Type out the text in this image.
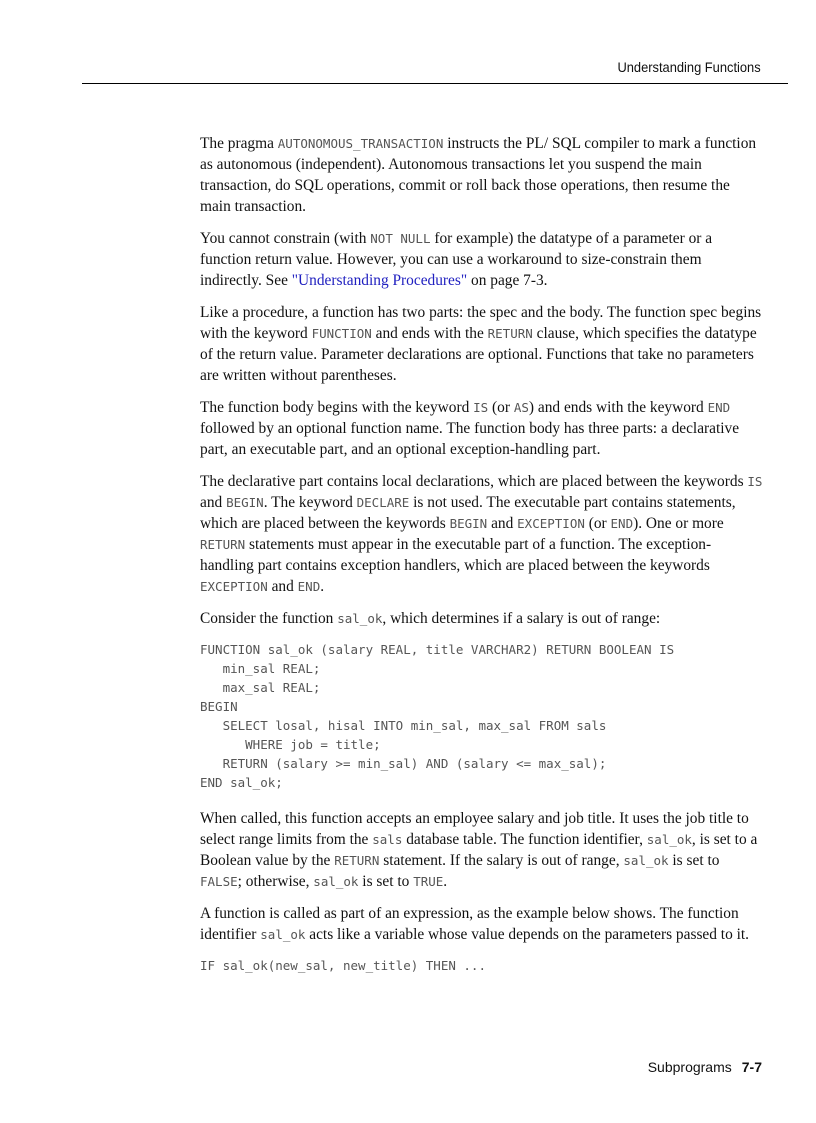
Understanding Functions

The pragma AUTONOMOUS_TRANSACTION instructs the PL/ SQL compiler to mark a function as autonomous (independent). Autonomous transactions let you suspend the main transaction, do SQL operations, commit or roll back those operations, then resume the main transaction.

You cannot constrain (with NOT NULL for example) the datatype of a parameter or a function return value. However, you can use a workaround to size-constrain them indirectly. See "Understanding Procedures" on page 7-3.

Like a procedure, a function has two parts: the spec and the body. The function spec begins with the keyword FUNCTION and ends with the RETURN clause, which specifies the datatype of the return value. Parameter declarations are optional. Functions that take no parameters are written without parentheses.

The function body begins with the keyword IS (or AS) and ends with the keyword END followed by an optional function name. The function body has three parts: a declarative part, an executable part, and an optional exception-handling part.

The declarative part contains local declarations, which are placed between the keywords IS and BEGIN. The keyword DECLARE is not used. The executable part contains statements, which are placed between the keywords BEGIN and EXCEPTION (or END). One or more RETURN statements must appear in the executable part of a function. The exception-handling part contains exception handlers, which are placed between the keywords EXCEPTION and END.

Consider the function sal_ok, which determines if a salary is out of range:

FUNCTION sal_ok (salary REAL, title VARCHAR2) RETURN BOOLEAN IS
min_sal REAL;
max_sal REAL;
BEGIN
SELECT losal, hisal INTO min_sal, max_sal FROM sals
WHERE job = title;
RETURN (salary >= min_sal) AND (salary <= max_sal);
END sal_ok;

When called, this function accepts an employee salary and job title. It uses the job title to select range limits from the sals database table. The function identifier, sal_ok, is set to a Boolean value by the RETURN statement. If the salary is out of range, sal_ok is set to FALSE; otherwise, sal_ok is set to TRUE.

A function is called as part of an expression, as the example below shows. The function identifier sal_ok acts like a variable whose value depends on the parameters passed to it.

IF sal_ok(new_sal, new_title) THEN ...
Subprograms 7-7
